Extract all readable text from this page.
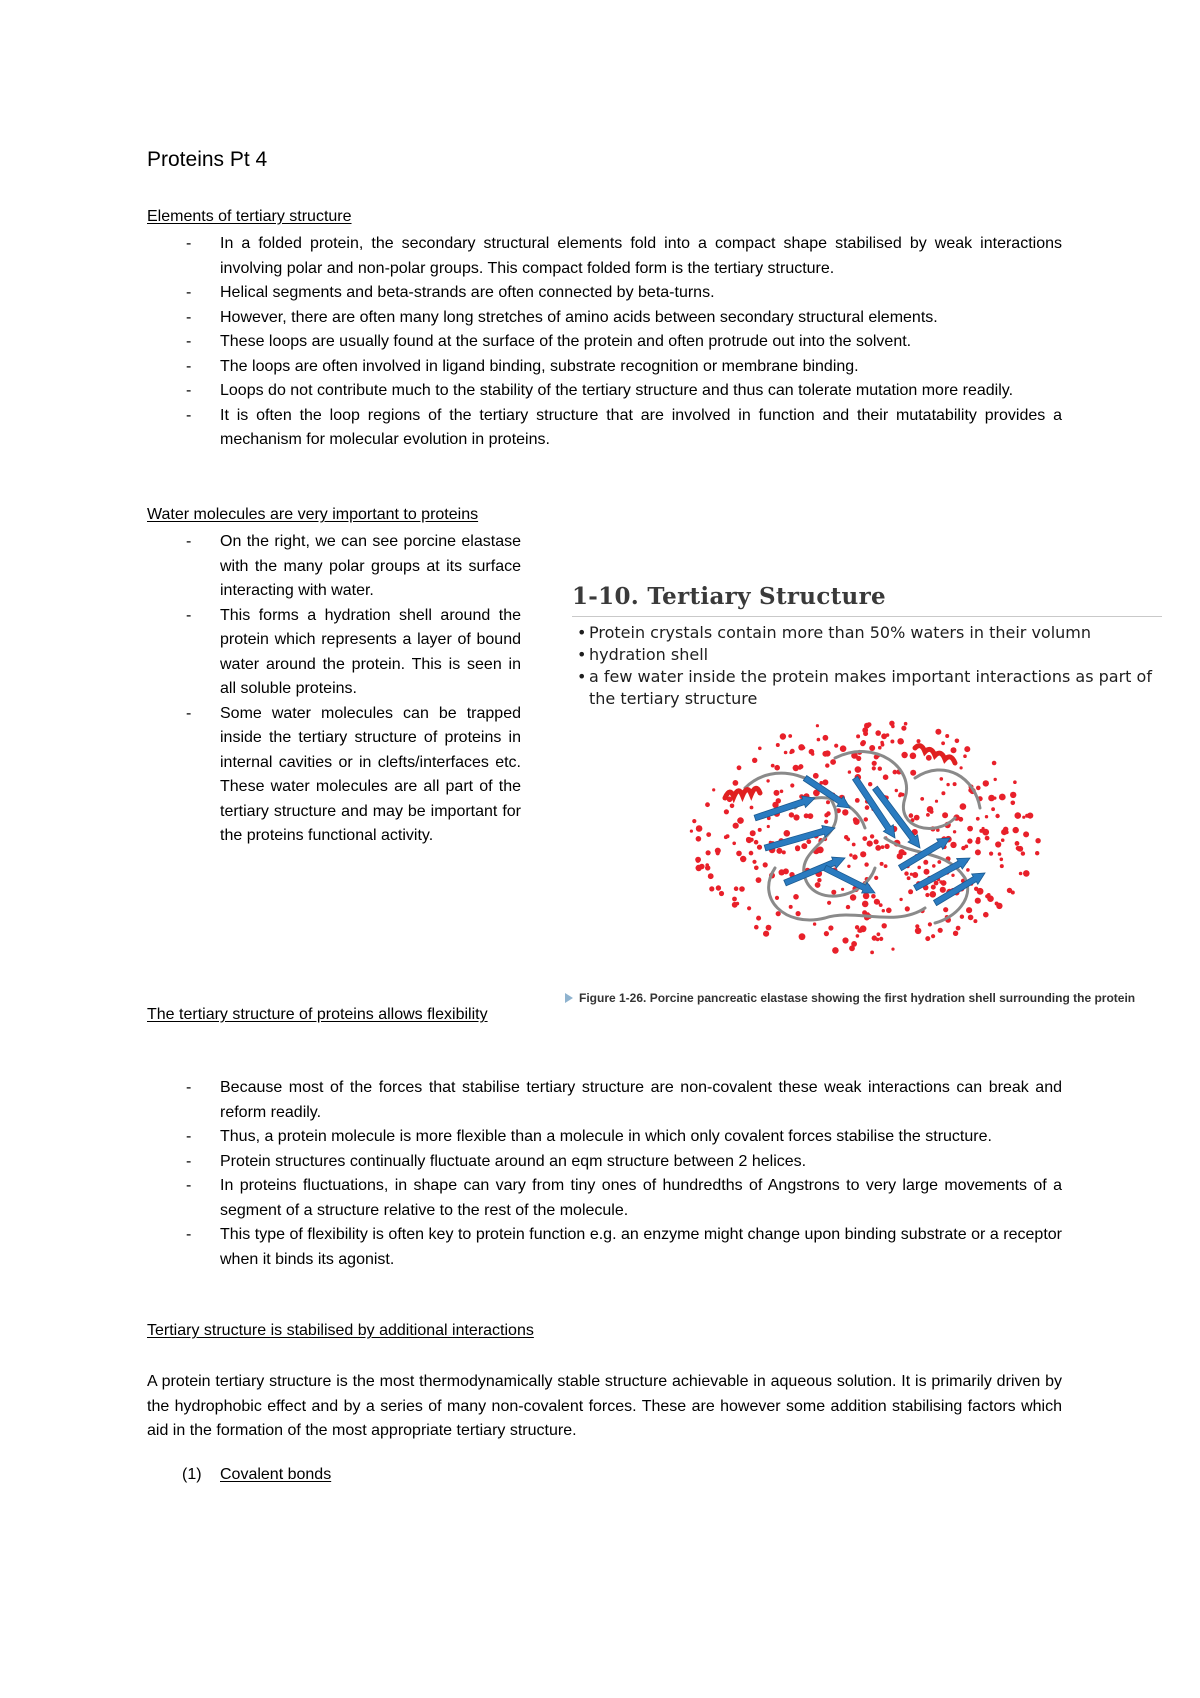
Proteins Pt 4
Elements of tertiary structure
- In a folded protein, the secondary structural elements fold into a compact shape stabilised by weak interactions involving polar and non-polar groups. This compact folded form is the tertiary structure.
- Helical segments and beta-strands are often connected by beta-turns.
- However, there are often many long stretches of amino acids between secondary structural elements.
- These loops are usually found at the surface of the protein and often protrude out into the solvent.
- The loops are often involved in ligand binding, substrate recognition or membrane binding.
- Loops do not contribute much to the stability of the tertiary structure and thus can tolerate mutation more readily.
- It is often the loop regions of the tertiary structure that are involved in function and their mutatability provides a mechanism for molecular evolution in proteins.
Water molecules are very important to proteins
- On the right, we can see porcine elastase with the many polar groups at its surface interacting with water.
- This forms a hydration shell around the protein which represents a layer of bound water around the protein. This is seen in all soluble proteins.
- Some water molecules can be trapped inside the tertiary structure of proteins in internal cavities or in clefts/interfaces etc. These water molecules are all part of the tertiary structure and may be important for the proteins functional activity.
1-10. Tertiary Structure
• Protein crystals contain more than 50% waters in their volumn
• hydration shell
• a few water inside the protein makes important interactions as part of the tertiary structure
Figure 1-26. Porcine pancreatic elastase showing the first hydration shell surrounding the protein
The tertiary structure of proteins allows flexibility
- Because most of the forces that stabilise tertiary structure are non-covalent these weak interactions can break and reform readily.
- Thus, a protein molecule is more flexible than a molecule in which only covalent forces stabilise the structure.
- Protein structures continually fluctuate around an eqm structure between 2 helices.
- In proteins fluctuations, in shape can vary from tiny ones of hundredths of Angstrons to very large movements of a segment of a structure relative to the rest of the molecule.
- This type of flexibility is often key to protein function e.g. an enzyme might change upon binding substrate or a receptor when it binds its agonist.
Tertiary structure is stabilised by additional interactions
A protein tertiary structure is the most thermodynamically stable structure achievable in aqueous solution. It is primarily driven by the hydrophobic effect and by a series of many non-covalent forces. These are however some addition stabilising factors which aid in the formation of the most appropriate tertiary structure.
(1) Covalent bonds
